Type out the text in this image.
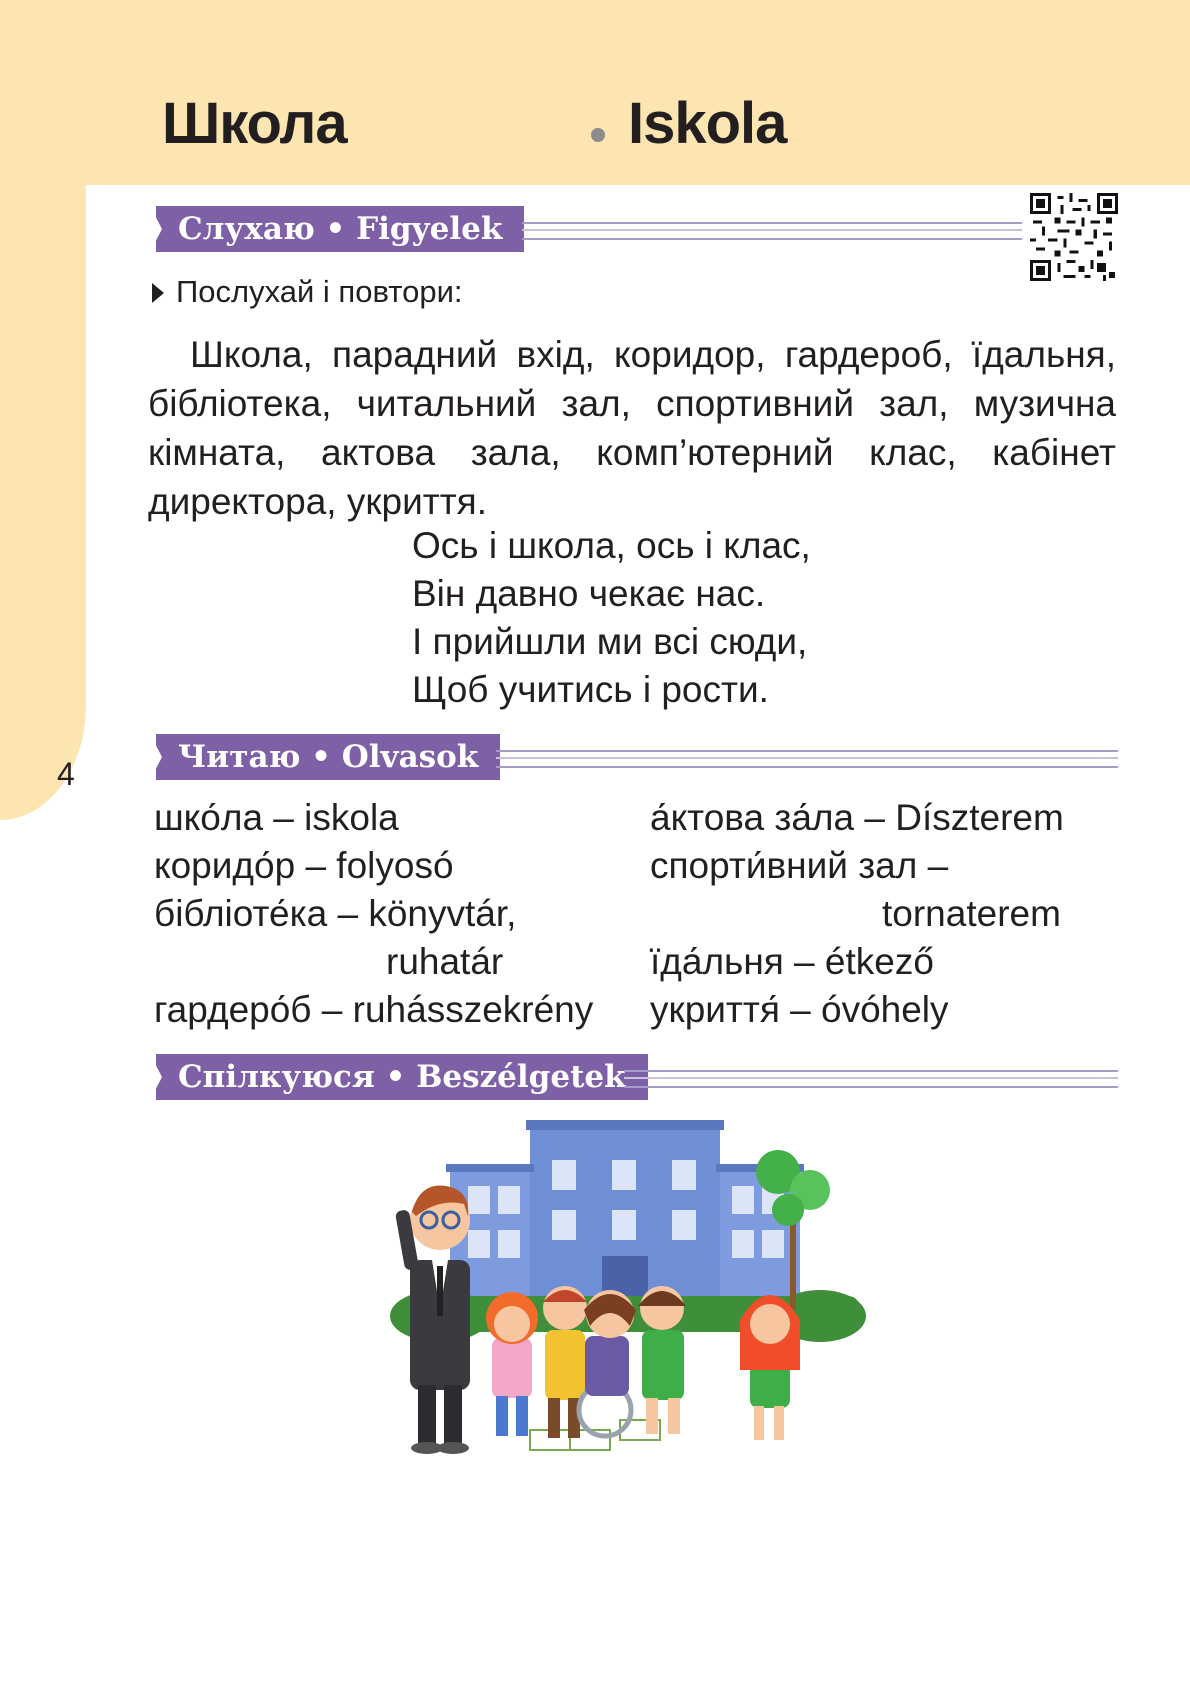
Школа	Iskola
4
Слухаю • Figyelek
Послухай і повтори:
Школа, парадний вхід, коридор, гардероб, їдальня, бібліотека, читальний зал, спортивний зал, музична кімната, актова зала, комп’ютерний клас, кабінет директора, укриття.
Ось і школа, ось і клас,
Він давно чекає нас.
І прийшли ми всі сюди,
Щоб учитись і рости.
Читаю • Olvasok
шко́ла – iskola
коридо́р – folyosó
бібліоте́ка – könyvtár,
ruhatár
гардеро́б – ruhásszekrény
а́ктова за́ла – Díszterem
спорти́вний зал –
tornaterem
їда́льня – étkező
укриття́ – óvóhely
Спілкуюся • Beszélgetek
